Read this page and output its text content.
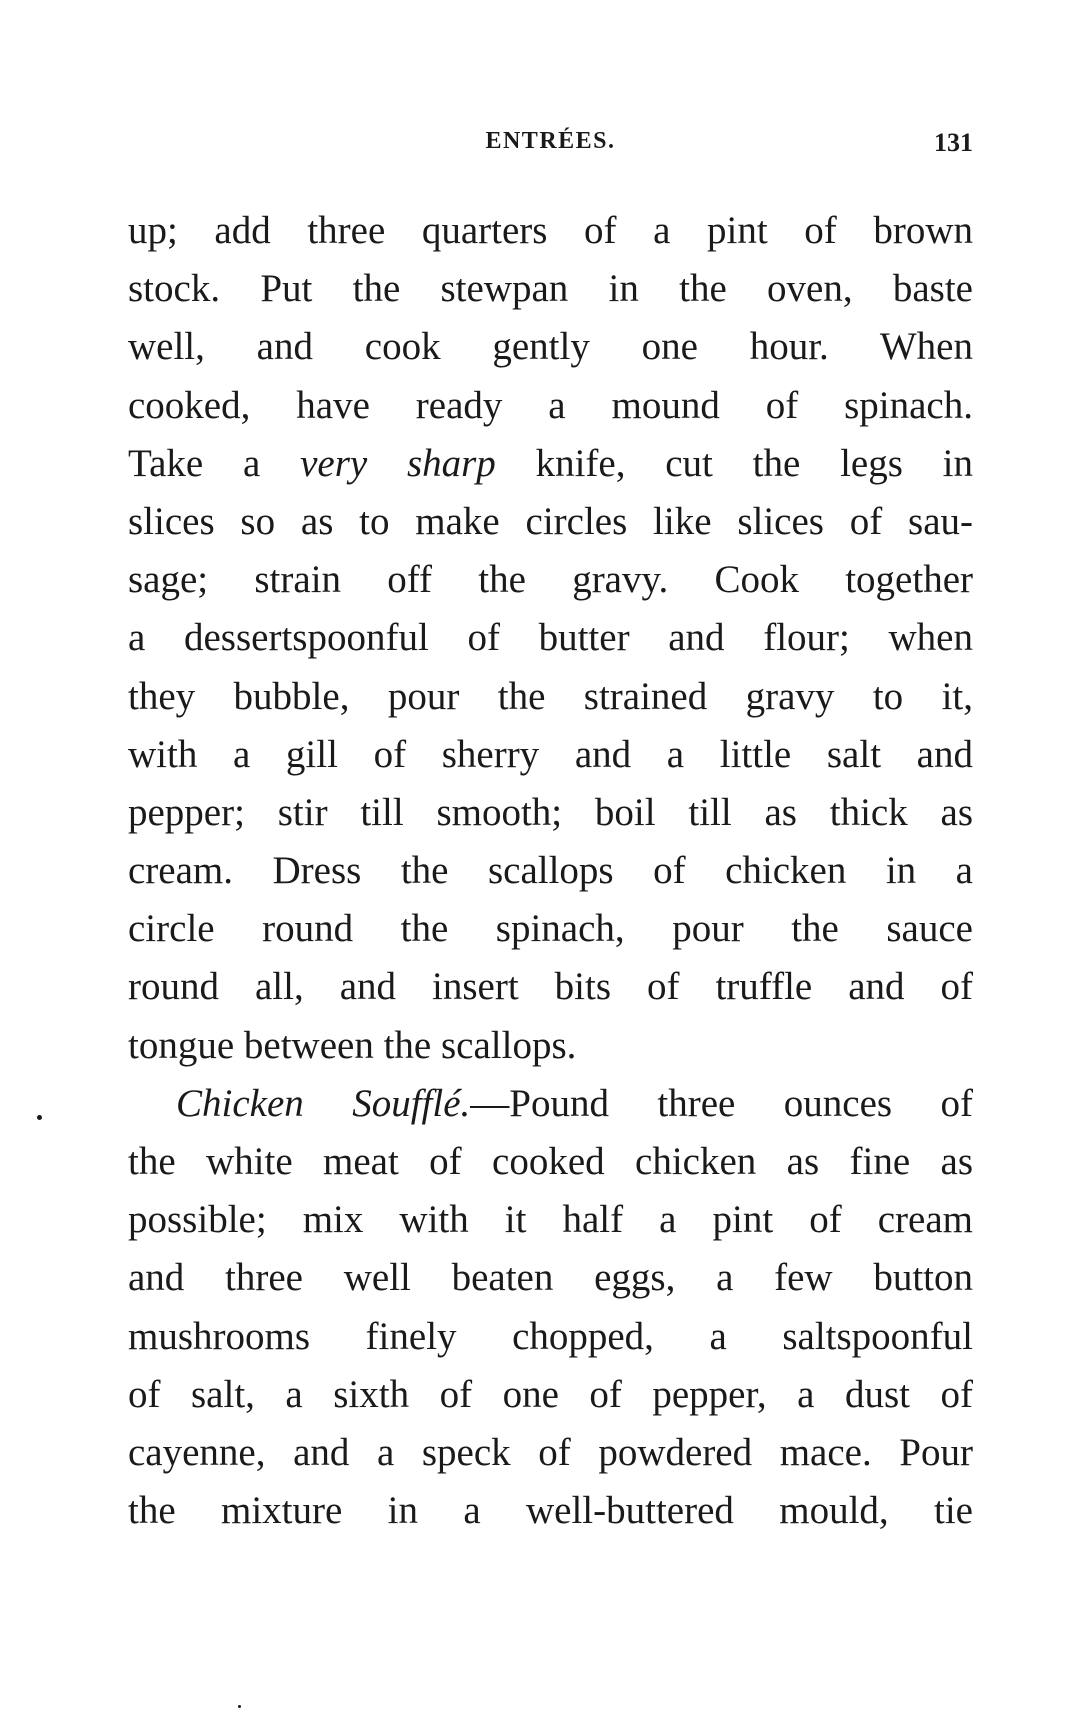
ENTRÉES.	131
up; add three quarters of a pint of brown
stock. Put the stewpan in the oven, baste
well, and cook gently one hour. When
cooked, have ready a mound of spinach.
Take a very sharp knife, cut the legs in
slices so as to make circles like slices of sau-
sage; strain off the gravy. Cook together
a dessertspoonful of butter and flour; when
they bubble, pour the strained gravy to it,
with a gill of sherry and a little salt and
pepper; stir till smooth; boil till as thick as
cream. Dress the scallops of chicken in a
circle round the spinach, pour the sauce
round all, and insert bits of truffle and of
tongue between the scallops.
Chicken Soufflé.—Pound three ounces of
the white meat of cooked chicken as fine as
possible; mix with it half a pint of cream
and three well beaten eggs, a few button
mushrooms finely chopped, a saltspoonful
of salt, a sixth of one of pepper, a dust of
cayenne, and a speck of powdered mace. Pour
the mixture in a well-buttered mould, tie
